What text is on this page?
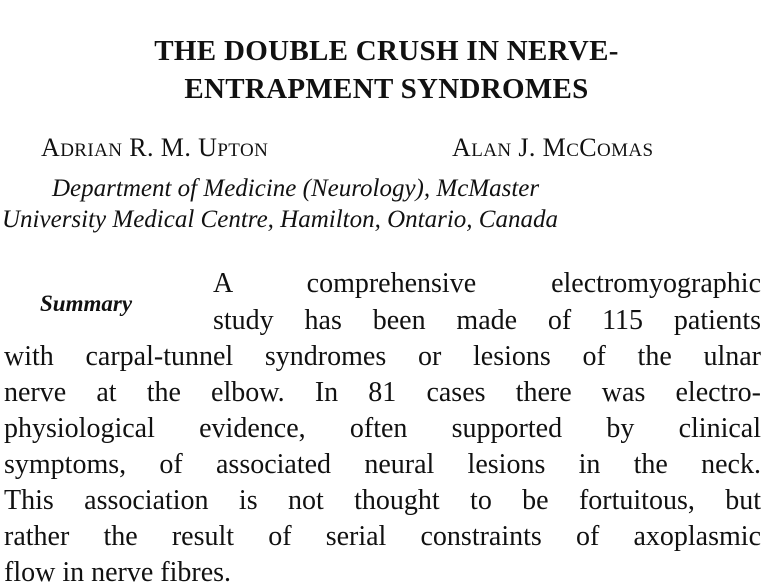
THE DOUBLE CRUSH IN NERVE-
ENTRAPMENT SYNDROMES
ADRIAN R. M. UPTON	ALAN J. MCCOMAS
Department of Medicine (Neurology), McMaster
University Medical Centre, Hamilton, Ontario, Canada
Summary
A comprehensive electromyographic
study has been made of 115 patients
with carpal-tunnel syndromes or lesions of the ulnar
nerve at the elbow. In 81 cases there was electro-
physiological evidence, often supported by clinical
symptoms, of associated neural lesions in the neck.
This association is not thought to be fortuitous, but
rather the result of serial constraints of axoplasmic
flow in nerve fibres.
